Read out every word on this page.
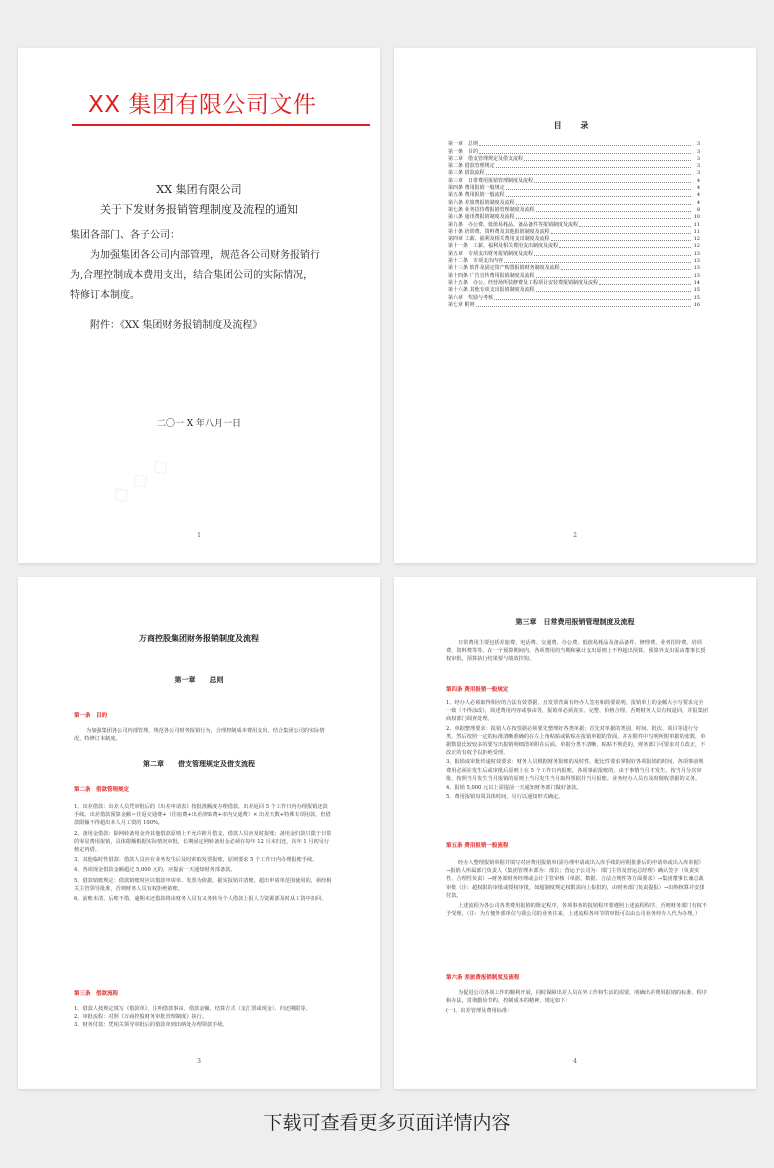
XX 集团有限公司文件
XX 集团有限公司
关于下发财务报销管理制度及流程的通知
集团各部门、各子公司：
为加强集团各公司内部管理，规范各公司财务报销行
为,合理控制成本费用支出，结合集团公司的实际情况，
特修订本制度。
附件：《XX 集团财务报销制度及流程》
二〇一 X 年八月一日
◇ ◇ ◇
1
目 录
第一章　总则	3
第一条　目的	3
第二章　借支管理规定及借支流程	3
第二条 借款管理规定	3
第三条 借款流程	3
第三章　日常费用报销管理制度及流程	4
第四条 费用报销一般规定	4
第五条 费用报销一般流程	4
第六条 差旅费报销制度及流程	4
第七条 业务招待费报销管理制度及流程	8
第八条 通讯费报销制度及流程	10
第九条　办公费、低值易耗品、备品备件等报销制度及流程	11
第十条 培训费、资料费及其他报销制度及流程	11
第四章 工薪、福利及相关费用支出制度及流程	12
第十一条　工薪、福利及相关费用支出制度及流程	12
第五章　专项支出财务报销制度及流程	13
第十二条　专项支出内容	13
第十三条 软件及固定资产购置报销财务制度及流程	13
第十四条 广告宣传费用报销制度及流程	13
第十五条　办公、经营场所装修费及工程项目安装费报销制度及流程	14
第十六条 其他专项支出报销制度及流程	15
第六章　奖励与考核	15
第七章 附则	16
2
万商控股集团财务报销制度及流程
第一章　　总则
第一条　目的
为加强集团各公司内部管理，规范各公司财务报销行为，合理控制成本费用支出，结合集团公司的实际情况，特修订本制度。
第二章　　借支管理规定及借支流程
第二条　借款管理规定

1、出差借款：出差人员凭审批后的《出差申请表》按批准额度办理借款，出差返回 5 个工作日内办理报销还款手续。出差借款预算金额＝往返交通费+（住宿费+出差津贴费+市内交通费）× 出差天数+特殊专项用款，但借款限额不得超出本人月工资的 100%。

2、备用金借款：除网转备用金外其他借款原则上不允许跨月借支，借款人员应及时报账；备用金归款只限于日常的零星费用报销，具体限额根据实际情况审批，长期固定网转备用金必须在每年 12 月末归还，次年 1 月初另行核定再借。

3、其他临时性借款：借款人员应在业务发生后及时索取发票报账，原则要求 5 个工作日内办理报账手续。

4、各项现金借款金额超过 5,000 元的，应提前一天通知财务部备款。

5、借款销账规定：借款销账时应以借款申请单、发票为依据，据实报销并清账。超出申请单范围使用的，须经相关主管领导批准，否则财务人员有权拒绝销账。

6、前账未清，后账不借，逾期未还借款将由财务人员有义务转为个人借款上报人力资源部及时从工资中扣回。

第三条　借款流程

1、借款人按规定填写《借款单》，注明借款事由、借款金额、结算方式（支汇票或现金）、归还期限等。

2、审批流程：对照《万商控股财务审批管理制度》执行。

3、财务付款：凭相关领导审批后的借款单到出纳处办理领款手续。

3
第三章　日常费用报销管理制度及流程
日常费用主要包括差旅费、电话费、交通费、办公费、低值易耗品及备品备件、修理费、业务招待费、培训费、资料费等等。在一个预算期间内，各项费用的当期和累计支出原则上不得超出预算，预算外支出需由董事长授权审批，预算执行结果要与绩效挂钩。
第四条 费用报销一般规定

1、经办人必须取得相应的合法有效票据，且发票背面有经办人签名和简要说明。报销单上的金额大小写要求完全一致（不得涂改），简述费用内容或事由等，报销单必须真实、完整、价格合理，否则财务人员有权退回，并报集团商权部门调查处理。

2、单据整理要求：报销人在按票据必须要先整理好各类单据；首先对单据的类别、时间、批次、项目等进行分类，然后按照一定的标准清晰准确的在左上角粘贴或粘贴在报销单据的背面，并在附件中写明所附单据的张数，单据数量比较较多的要写出报销明细清单附在后面。单据分类不清晰、粘贴不规范的，财务部门可要求对方改正，不改正的有权予以拒绝受理。

3、报销或审批传递时效要求：财务人员根据财务报账的及时性、配比性要求掌握好各项报销的时间，各项事前规费用必须在发生后或审批后原则上在 5 个工作日内报账。各项事前报账的，由于事情当月才发生，按当月分次审批，按照当月发生当月报销的原则上当月发生当月取得票据并当月报账。业务经办人员有及时催收票据的义务。

4、报销 5,000 元以上需提前一天通知财务部门做好备款。

5、费用报销每周具体时间，另行以通知形式确定。

第五条 费用报销一般流程

经办人整理报销单据并填写对应费用报销单(需办理申请或出入库手续的应附批准后的申请单或出入库单据）→报销人所属部门负责人（集团管理本部为：部长；营运子公司为：部门主管及营运总经理）确认签字（负责实性、合理性负责）→财务部财务经理或会计主管审核（单据、数据、合法合规性等方面要求）→集团董事长兼总裁审批（注：超权限的审批或授权审批，如超制度规定权限需向上报批的，由财务部门负责提报）→出纳核算并安排付款。

上述流程为各公司各类费用报销的既定程序，各项事务的报销程序要遵照上述流程程序，否则财务部门有权不予受理。（注：为方便外部单位与我公司的业务往来，上述流程各环节的审批可以由公司业务经办人代为办理。）

第六条 差旅费报销制度及流程
为促进公司各项工作的顺利开展，同时保障出差人员在外工作和生活的需要，明确出差费用报销的标准、程序和办法，贯彻勤俭节约、控制成本的精神，规定如下：
(一)、出差管理及费用标准：
4
下载可查看更多页面详情内容
